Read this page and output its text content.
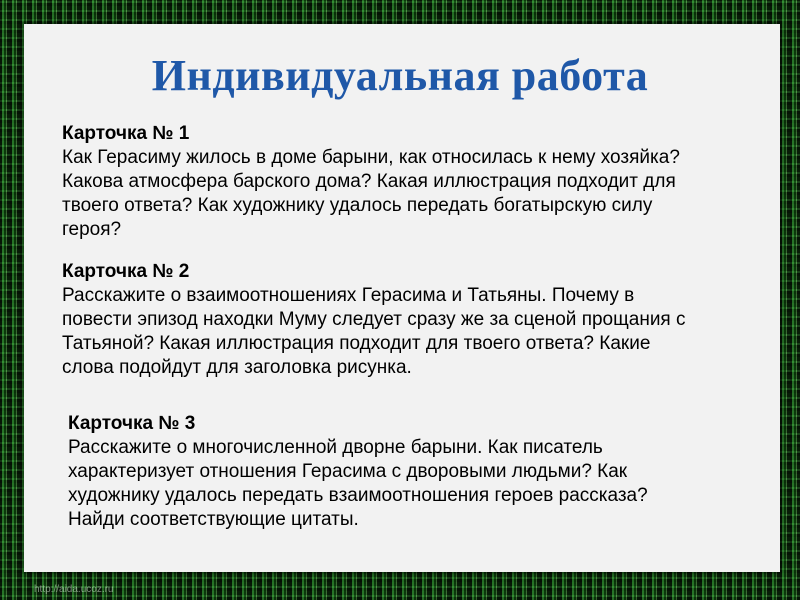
Индивидуальная работа
Карточка № 1
Как Герасиму жилось в доме барыни, как относилась к нему хозяйка?
Какова атмосфера барского дома? Какая иллюстрация подходит для
твоего ответа? Как художнику удалось передать богатырскую силу
героя?
Карточка № 2
Расскажите о взаимоотношениях Герасима и Татьяны. Почему в
повести эпизод находки Муму следует сразу же за сценой прощания с
Татьяной? Какая иллюстрация подходит для твоего ответа? Какие
слова подойдут для заголовка рисунка.
Карточка № 3
Расскажите о многочисленной дворне барыни. Как писатель
характеризует отношения Герасима с дворовыми людьми? Как
художнику удалось передать взаимоотношения героев рассказа?
Найди соответствующие цитаты.
http://aida.ucoz.ru
